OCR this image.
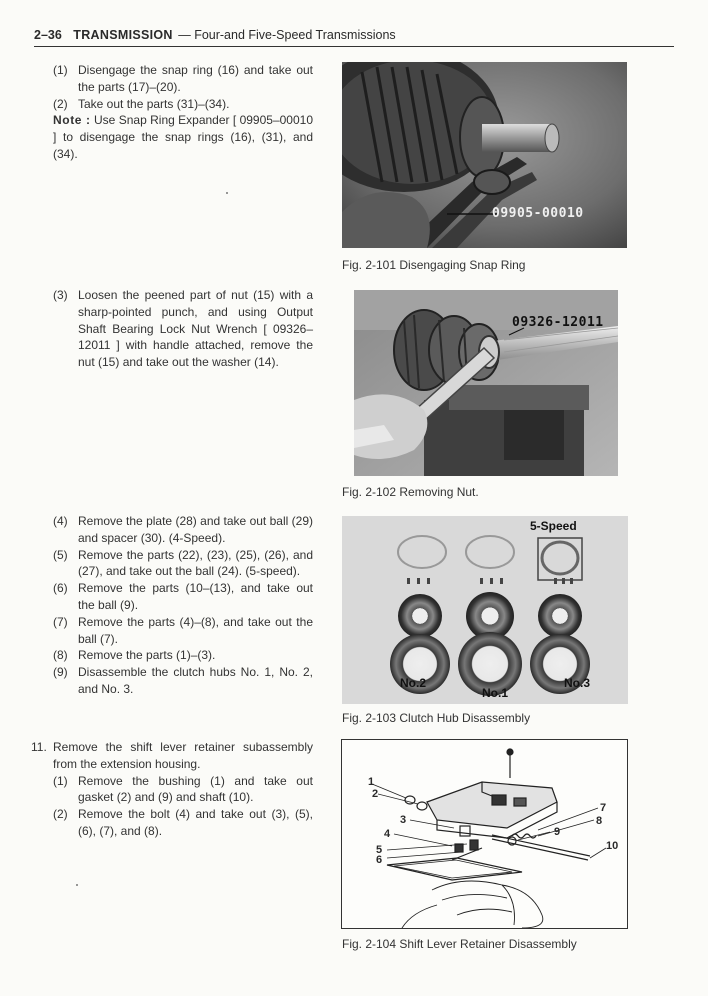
2–36 TRANSMISSION — Four-and Five-Speed Transmissions
(1) Disengage the snap ring (16) and take out the parts (17)–(20).
(2) Take out the parts (31)–(34).
Note : Use Snap Ring Expander [ 09905–00010 ] to disengage the snap rings (16), (31), and (34).
(3) Loosen the peened part of nut (15) with a sharp-pointed punch, and using Output Shaft Bearing Lock Nut Wrench [ 09326–12011 ] with handle attached, remove the nut (15) and take out the washer (14).
(4) Remove the plate (28) and take out ball (29) and spacer (30). (4-Speed).
(5) Remove the parts (22), (23), (25), (26), and (27), and take out the ball (24). (5-speed).
(6) Remove the parts (10–(13), and take out the ball (9).
(7) Remove the parts (4)–(8), and take out the ball (7).
(8) Remove the parts (1)–(3).
(9) Disassemble the clutch hubs No. 1, No. 2, and No. 3.
11. Remove the shift lever retainer subassembly from the extension housing.
(1) Remove the bushing (1) and take out gasket (2) and (9) and shaft (10).
(2) Remove the bolt (4) and take out (3), (5), (6), (7), and (8).
09905-00010
Fig. 2-101 Disengaging Snap Ring
09326-12011
Fig. 2-102 Removing Nut.
5-Speed
No.2
No.1
No.3
Fig. 2-103 Clutch Hub Disassembly
1
2
3
4
5
6
7
8
9
10
Fig. 2-104 Shift Lever Retainer Disassembly
